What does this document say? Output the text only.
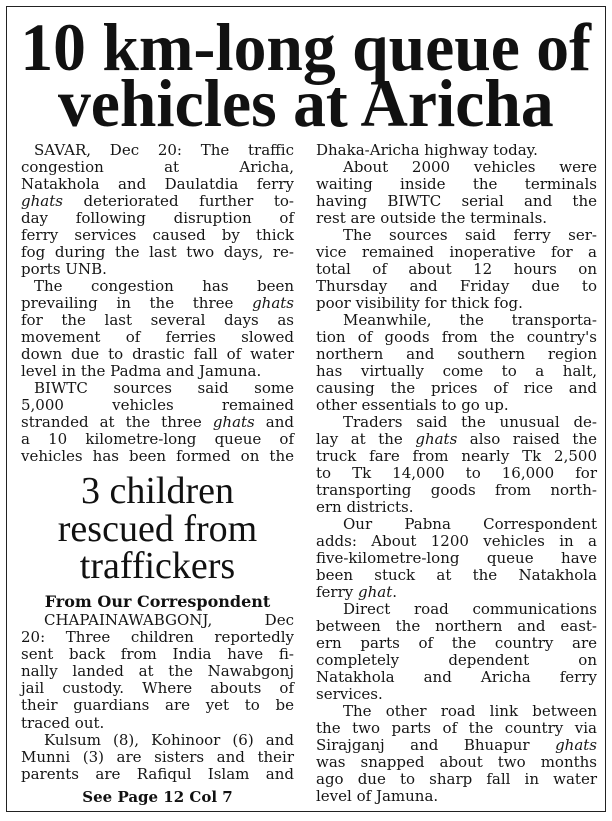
10 km-long queue of
vehicles at Aricha
SAVAR, Dec 20: The traffic
congestion at Aricha,
Natakhola and Daulatdia ferry
ghats deteriorated further to-
day following disruption of
ferry services caused by thick
fog during the last two days, re-
ports UNB.
The congestion has been
prevailing in the three ghats
for the last several days as
movement of ferries slowed
down due to drastic fall of water
level in the Padma and Jamuna.
BIWTC sources said some
5,000 vehicles remained
stranded at the three ghats and
a 10 kilometre-long queue of
vehicles has been formed on the
3 children
rescued from
traffickers
From Our Correspondent
CHAPAINAWABGONJ, Dec
20: Three children reportedly
sent back from India have fi-
nally landed at the Nawabgonj
jail custody. Where abouts of
their guardians are yet to be
traced out.
Kulsum (8), Kohinoor (6) and
Munni (3) are sisters and their
parents are Rafiqul Islam and
See Page 12 Col 7
Dhaka-Aricha highway today.
About 2000 vehicles were
waiting inside the terminals
having BIWTC serial and the
rest are outside the terminals.
The sources said ferry ser-
vice remained inoperative for a
total of about 12 hours on
Thursday and Friday due to
poor visibility for thick fog.
Meanwhile, the transporta-
tion of goods from the country's
northern and southern region
has virtually come to a halt,
causing the prices of rice and
other essentials to go up.
Traders said the unusual de-
lay at the ghats also raised the
truck fare from nearly Tk 2,500
to Tk 14,000 to 16,000 for
transporting goods from north-
ern districts.
Our Pabna Correspondent
adds: About 1200 vehicles in a
five-kilometre-long queue have
been stuck at the Natakhola
ferry ghat.
Direct road communications
between the northern and east-
ern parts of the country are
completely dependent on
Natakhola and Aricha ferry
services.
The other road link between
the two parts of the country via
Sirajganj and Bhuapur ghats
was snapped about two months
ago due to sharp fall in water
level of Jamuna.
